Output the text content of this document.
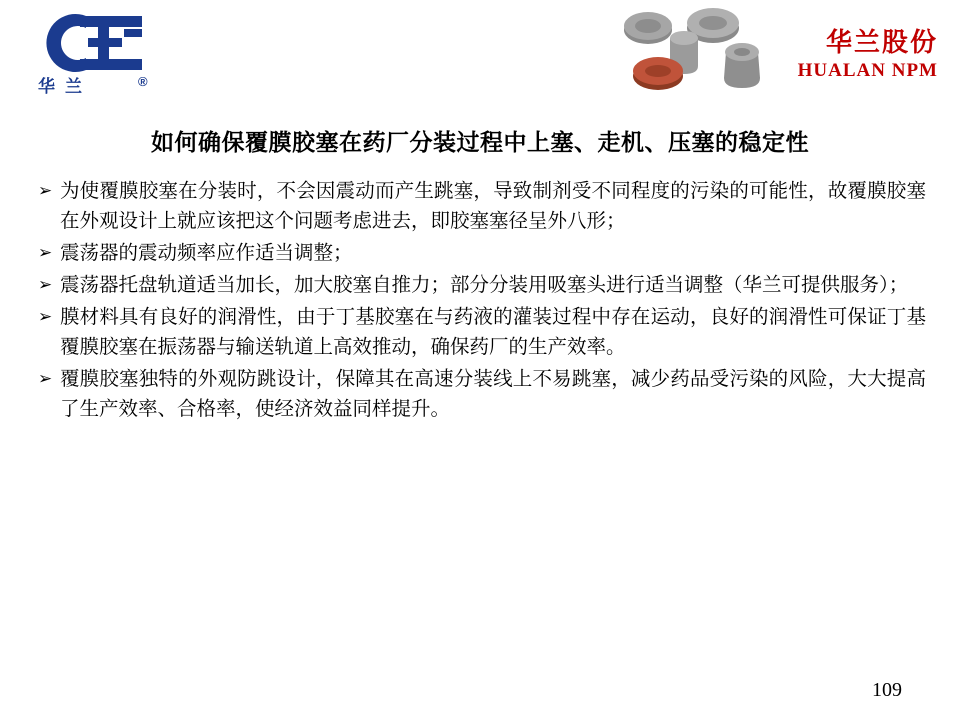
华兰	®
华兰股份
HUALAN NPM
如何确保覆膜胶塞在药厂分装过程中上塞、走机、压塞的稳定性
➢ 为使覆膜胶塞在分装时，不会因震动而产生跳塞，导致制剂受不同程度的污染的可能性，故覆膜胶塞在外观设计上就应该把这个问题考虑进去，即胶塞塞径呈外八形；
➢ 震荡器的震动频率应作适当调整；
➢ 震荡器托盘轨道适当加长，加大胶塞自推力；部分分装用吸塞头进行适当调整（华兰可提供服务）；
➢ 膜材料具有良好的润滑性，由于丁基胶塞在与药液的灌装过程中存在运动，良好的润滑性可保证丁基覆膜胶塞在振荡器与输送轨道上高效推动，确保药厂的生产效率。
➢ 覆膜胶塞独特的外观防跳设计，保障其在高速分装线上不易跳塞，减少药品受污染的风险，大大提高了生产效率、合格率，使经济效益同样提升。
109
